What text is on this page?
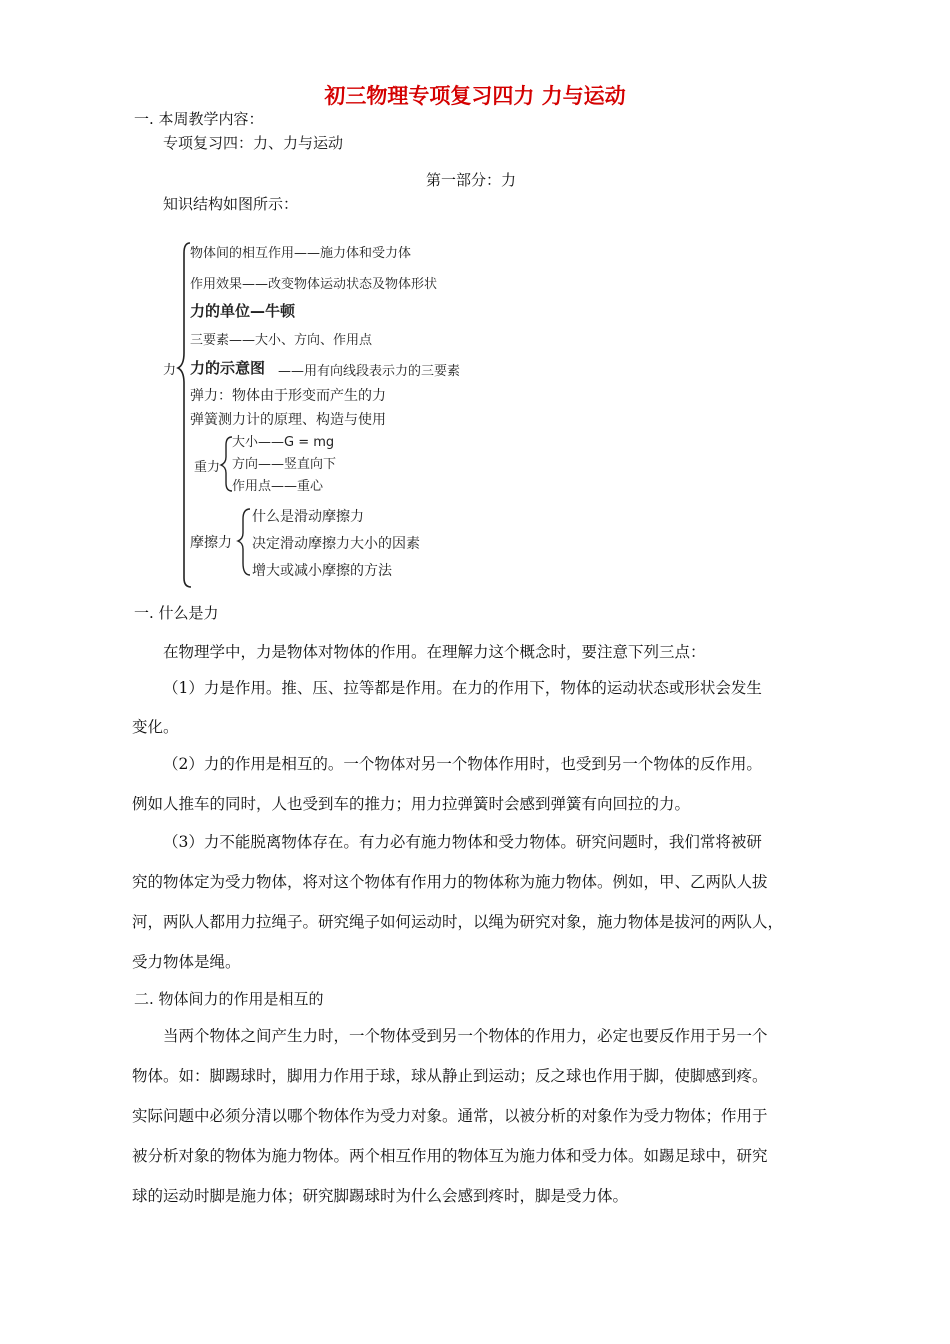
初三物理专项复习四力 力与运动
一. 本周教学内容：
专项复习四：力、力与运动
第一部分：力
知识结构如图所示：
力
物体间的相互作用——施力体和受力体
作用效果——改变物体运动状态及物体形状
力的单位—牛顿
三要素——大小、方向、作用点
力的示意图 ——用有向线段表示力的三要素
弹力：物体由于形变而产生的力
弹簧测力计的原理、构造与使用
重力
大小——G = mg
方向——竖直向下
作用点——重心
摩擦力
什么是滑动摩擦力
决定滑动摩擦力大小的因素
增大或减小摩擦的方法
一. 什么是力
在物理学中，力是物体对物体的作用。在理解力这个概念时，要注意下列三点：
（1）力是作用。推、压、拉等都是作用。在力的作用下，物体的运动状态或形状会发生
变化。
（2）力的作用是相互的。一个物体对另一个物体作用时，也受到另一个物体的反作用。
例如人推车的同时，人也受到车的推力；用力拉弹簧时会感到弹簧有向回拉的力。
（3）力不能脱离物体存在。有力必有施力物体和受力物体。研究问题时，我们常将被研
究的物体定为受力物体，将对这个物体有作用力的物体称为施力物体。例如，甲、乙两队人拔
河，两队人都用力拉绳子。研究绳子如何运动时，以绳为研究对象，施力物体是拔河的两队人，
受力物体是绳。
二. 物体间力的作用是相互的
当两个物体之间产生力时，一个物体受到另一个物体的作用力，必定也要反作用于另一个
物体。如：脚踢球时，脚用力作用于球，球从静止到运动；反之球也作用于脚，使脚感到疼。
实际问题中必须分清以哪个物体作为受力对象。通常，以被分析的对象作为受力物体；作用于
被分析对象的物体为施力物体。两个相互作用的物体互为施力体和受力体。如踢足球中，研究
球的运动时脚是施力体；研究脚踢球时为什么会感到疼时，脚是受力体。
